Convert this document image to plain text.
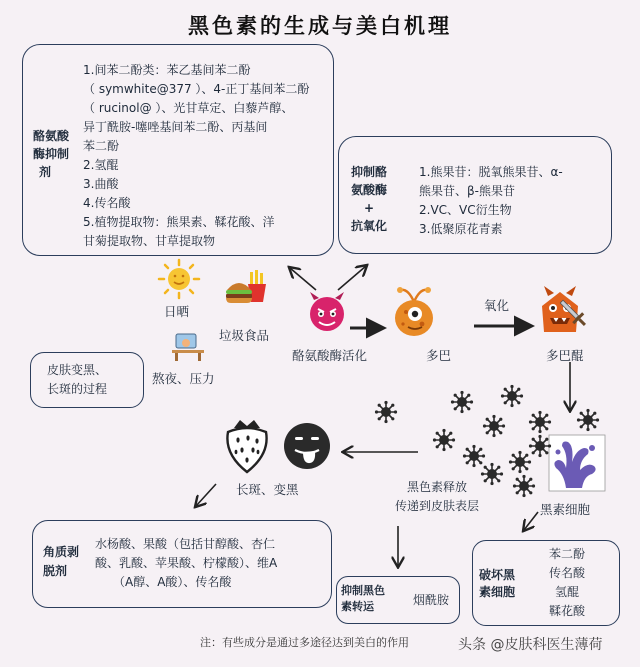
黑色素的生成与美白机理
酪氨酸
酶抑制
剂
1.间苯二酚类：苯乙基间苯二酚
（ symwhite@377 ）、4-正丁基间苯二酚
（ rucinol@ ）、光甘草定、白藜芦醇、
异丁酰胺-噻唑基间苯二酚、丙基间
苯二酚
2.氢醌
3.曲酸
4.传名酸
5.植物提取物：熊果素、鞣花酸、洋
甘菊提取物、甘草提取物
抑制酪
氨酸酶
+
抗氧化
1.熊果苷：脱氧熊果苷、α-
熊果苷、β-熊果苷
2.VC、VC衍生物
3.低聚原花青素
日晒
垃圾食品
熬夜、压力
皮肤变黑、
长斑的过程
酪氨酸酶活化	多巴
氧化
多巴醌
黑素细胞
长斑、变黑	黑色素释放
传递到皮肤表层
角质剥
脱剂
水杨酸、果酸（包括甘醇酸、杏仁
酸、乳酸、苹果酸、柠檬酸）、维A
（A醇、A酸）、传名酸
抑制黑色
素转运	烟酰胺
破坏黑
素细胞
苯二酚
传名酸
氢醌
鞣花酸
注：有些成分是通过多途径达到美白的作用	头条 @皮肤科医生薄荷
